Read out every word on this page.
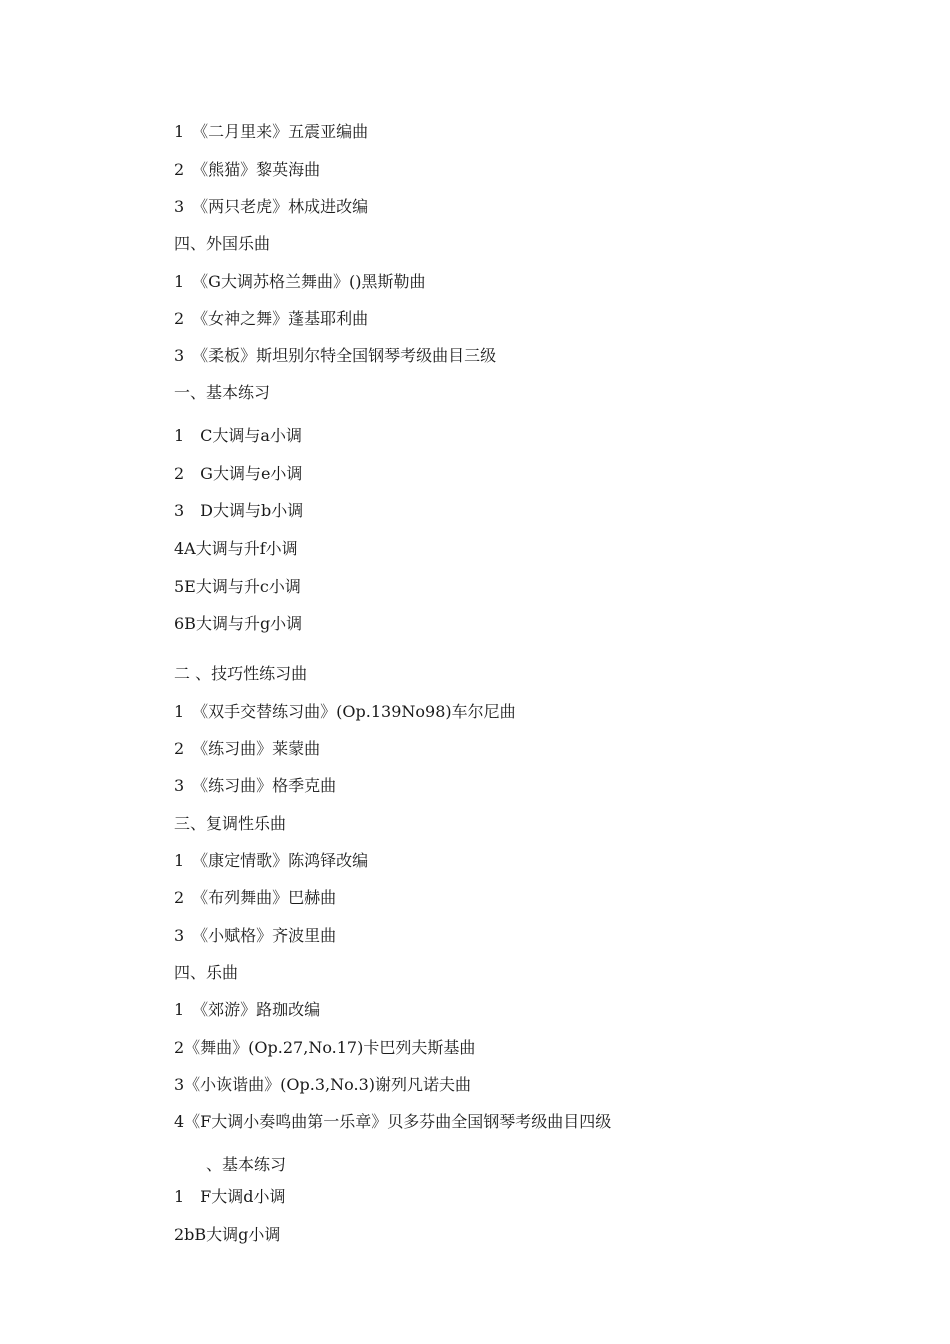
1　《二月里来》五震亚编曲
2　《熊猫》黎英海曲
3　《两只老虎》林成进改编
四、外国乐曲
1　《G大调苏格兰舞曲》()黑斯勒曲
2　《女神之舞》蓬基耶利曲
3　《柔板》斯坦别尔特全国钢琴考级曲目三级
一、基本练习
1　C大调与a小调
2　G大调与e小调
3　D大调与b小调
4A大调与升f小调
5E大调与升c小调
6B大调与升g小调
二 、技巧性练习曲
1　《双手交替练习曲》(Op.139No98)车尔尼曲
2　《练习曲》莱蒙曲
3　《练习曲》格季克曲
三、复调性乐曲
1　《康定情歌》陈鸿铎改编
2　《布列舞曲》巴赫曲
3　《小赋格》齐波里曲
四、乐曲
1　《郊游》路珈改编
2《舞曲》(Op.27,No.17)卡巴列夫斯基曲
3《小诙谐曲》(Op.3,No.3)谢列凡诺夫曲
4《F大调小奏鸣曲第一乐章》贝多芬曲全国钢琴考级曲目四级
　　、基本练习
1　F大调d小调
2bB大调g小调
